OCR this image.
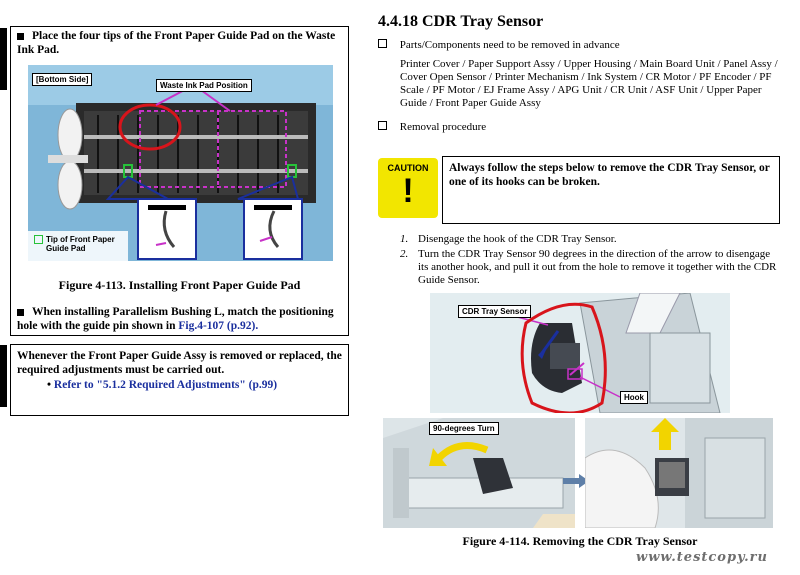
Place the four tips of the Front Paper Guide Pad on the Waste Ink Pad.
[Bottom Side]
Waste Ink Pad Position
Tip of Front Paper
Guide Pad
Figure 4-113. Installing Front Paper Guide Pad
When installing Parallelism Bushing L, match the positioning hole with the guide pin shown in Fig.4-107 (p.92).
Whenever the Front Paper Guide Assy is removed or replaced, the required adjustments must be carried out.
• Refer to "5.1.2 Required Adjustments" (p.99)
4.4.18 CDR Tray Sensor
Parts/Components need to be removed in advance
Printer Cover / Paper Support Assy / Upper Housing / Main Board Unit / Panel Assy / Cover Open Sensor / Printer Mechanism / Ink System / CR Motor / PF Encoder / PF Scale / PF Motor / EJ Frame Assy / APG Unit / CR Unit / ASF Unit / Upper Paper Guide / Front Paper Guide Assy
Removal procedure
CAUTION
!
Always follow the steps below to remove the CDR Tray Sensor, or one of its hooks can be broken.
1. Disengage the hook of the CDR Tray Sensor.
2. Turn the CDR Tray Sensor 90 degrees in the direction of the arrow to disengage its another hook, and pull it out from the hole to remove it together with the CDR Guide Sensor.
CDR Tray Sensor
Hook
90-degrees Turn
Figure 4-114. Removing the CDR Tray Sensor
www.testcopy.ru
